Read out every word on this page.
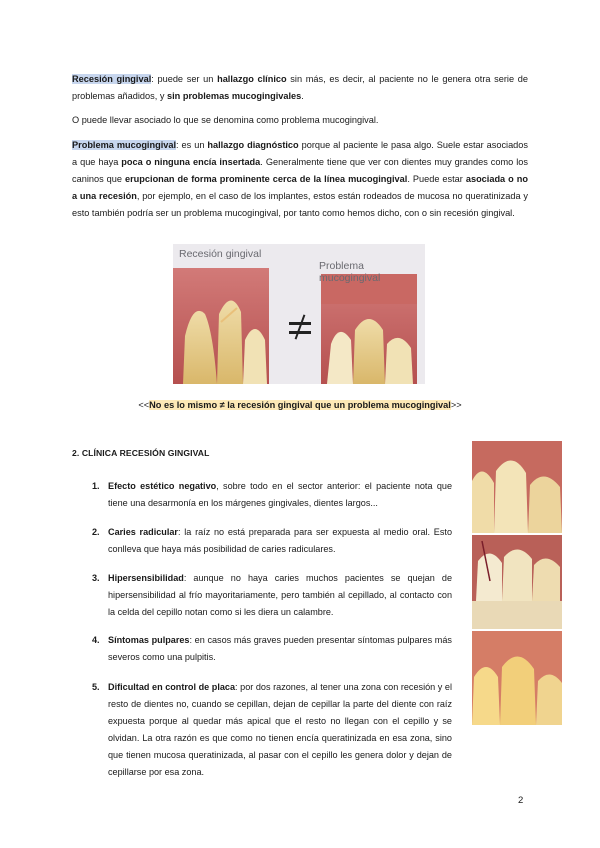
Recesión gingival: puede ser un hallazgo clínico sin más, es decir, al paciente no le genera otra serie de problemas añadidos, y sin problemas mucogingivales.
O puede llevar asociado lo que se denomina como problema mucogingival.
Problema mucogingival: es un hallazgo diagnóstico porque al paciente le pasa algo. Suele estar asociados a que haya poca o ninguna encía insertada. Generalmente tiene que ver con dientes muy grandes como los caninos que erupcionan de forma prominente cerca de la línea mucogingival. Puede estar asociada o no a una recesión, por ejemplo, en el caso de los implantes, estos están rodeados de mucosa no queratinizada y esto también podría ser un problema mucogingival, por tanto como hemos dicho, con o sin recesión gingival.
Recesión gingival
Problema mucogingival
<<No es lo mismo ≠ la recesión gingival que un problema mucogingival>>
2. CLÍNICA RECESIÓN GINGIVAL
1. Efecto estético negativo, sobre todo en el sector anterior: el paciente nota que tiene una desarmonía en los márgenes gingivales, dientes largos...
2. Caries radicular: la raíz no está preparada para ser expuesta al medio oral. Esto conlleva que haya más posibilidad de caries radiculares.
3. Hipersensibilidad: aunque no haya caries muchos pacientes se quejan de hipersensibilidad al frío mayoritariamente, pero también al cepillado, al contacto con la celda del cepillo notan como si les diera un calambre.
4. Síntomas pulpares: en casos más graves pueden presentar síntomas pulpares más severos como una pulpitis.
5. Dificultad en control de placa: por dos razones, al tener una zona con recesión y el resto de dientes no, cuando se cepillan, dejan de cepillar la parte del diente con raíz expuesta porque al quedar más apical que el resto no llegan con el cepillo y se olvidan. La otra razón es que como no tienen encía queratinizada en esa zona, sino que tienen mucosa queratinizada, al pasar con el cepillo les genera dolor y dejan de cepillarse por esa zona.
2
